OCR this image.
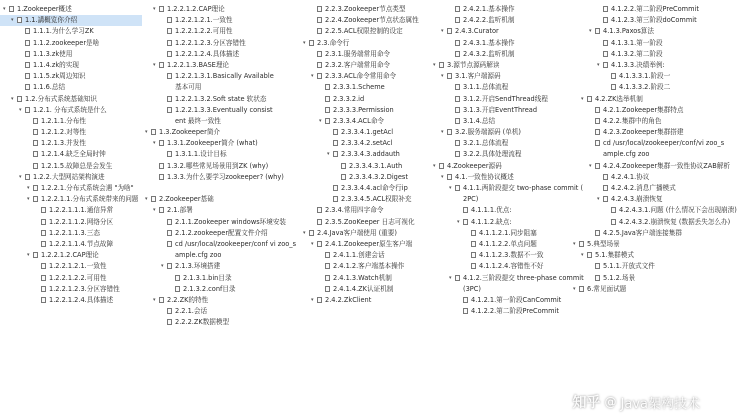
▾ 1.Zookeeper概述
▾ 1.1.講概览你介绍
1.1.1.为什么学习ZK
1.1.2.zookeeper是啥
1.1.3.zk使用
1.1.4.zk的实现
1.1.5.zk周边知识
1.1.6.总结
▾ 1.2.分布式系统基础知识
▾ 1.2.1. 分布式系统是什么
1.2.1.1.分布性
1.2.1.2.对等性
1.2.1.3.并发性
1.2.1.4.缺乏全局时钟
1.2.1.5.故障总是会发生
▾ 1.2.2.大型网站架构演进
▾ 1.2.2.1.分布式系统会遇 "为啥"
▾ 1.2.2.1.1.分布式系统带来的问题
1.2.2.1.1.1.通信异常
1.2.2.1.1.2.网络分区
1.2.2.1.1.3.三态
1.2.2.1.1.4.节点故障
▾ 1.2.2.1.2.CAP理论
1.2.2.1.2.1.一致性
1.2.2.1.2.2.可用性
1.2.2.1.2.3.分区容错性
1.2.2.1.2.4.具体描述
▾ 1.2.2.1.2.CAP理论
1.2.2.1.2.1.一致性
1.2.2.1.2.2.可用性
1.2.2.1.2.3.分区容错性
1.2.2.1.2.4.具体描述
▾ 1.2.2.1.3.BASE理论
1.2.2.1.3.1.Basically Available
基本可用
1.2.2.1.3.2.Soft state 软状态
1.2.2.1.3.3.Eventually consist
ent 最终一致性
▾ 1.3.Zookeeper简介
▾ 1.3.1.Zookeeper简介 (what)
1.3.1.1.设计目标
1.3.2.哪些常见场景用到ZK (why)
1.3.3.为什么要学习zookeeper? (why)
▾ 2.Zookeeper基础
▾ 2.1.部署
2.1.1.Zookeeper windows环境安装
2.1.2.zookeeper配置文件介绍
cd /usr/local/zookeeper/conf vi zoo_s
ample.cfg zoo
▾ 2.1.3.环境搭建
2.1.3.1.bin目录
2.1.3.2.conf目录
▾ 2.2.ZK的特性
2.2.1.会话
2.2.2.ZK数据模型
2.2.3.Zookeeper节点类型
2.2.4.Zookeeper节点状态属性
2.2.5.ACL权限控制的设定
▾ 2.3.命令行
2.3.1.服务端常用命令
2.3.2.客户端常用命令
▾ 2.3.3.ACL命令常用命令
2.3.3.1.Scheme
2.3.3.2.id
2.3.3.3.Permission
▾ 2.3.3.4.ACL命令
2.3.3.4.1.getAcl
2.3.3.4.2.setAcl
▾ 2.3.3.4.3.addauth
2.3.3.4.3.1.Auth
2.3.3.4.3.2.Digest
2.3.3.4.4.acl命令行ip
2.3.3.4.5.ACL权限补充
2.3.4.常用四字命令
2.3.5.ZooKeeper 日志可视化
▾ 2.4.Java客户端使用 (重要)
▾ 2.4.1.Zookeeper原生客户端
2.4.1.1.创建会话
2.4.1.2.客户端基本操作
2.4.1.3.Watch机制
2.4.1.4.ZK认证机制
▾ 2.4.2.ZkClient
2.4.2.1.基本操作
2.4.2.2.监听机制
▾ 2.4.3.Curator
2.4.3.1.基本操作
2.4.3.2.监听机制
▾ 3.源节点源码解读
▾ 3.1.客户端源码
3.1.1.总体流程
3.1.2.开启SendThread线程
3.1.3.开启EventThread
3.1.4.总结
▾ 3.2.服务端源码 (单机)
3.2.1.总体流程
3.2.2.具体处理流程
▾ 4.Zookeeper源码
▾ 4.1.一致性协议概述
▾ 4.1.1.两阶段提交 two-phase commit (
2PC)
4.1.1.1.优点:
▾ 4.1.1.2.缺点:
4.1.1.2.1.同步阻塞
4.1.1.2.2.单点问题
4.1.1.2.3.数据不一致
4.1.1.2.4.容错性不好
▾ 4.1.2.三阶段提交 three-phase commit
(3PC)
4.1.2.1.第一阶段CanCommit
4.1.2.2.第二阶段PreCommit
4.1.2.2.第二阶段PreCommit
4.1.2.3.第三阶段doCommit
▾ 4.1.3.Paxos算法
4.1.3.1.第一阶段
4.1.3.2.第二阶段
▾ 4.1.3.3.决绩举例:
4.1.3.3.1.阶段一
4.1.3.3.2.阶段二
▾ 4.2.ZK选举机制
4.2.1.Zookeeper集群特点
4.2.2.集群中的角色
4.2.3.Zookeeper集群搭建
cd /usr/local/zookeeper/conf/vi zoo_s
ample.cfg zoo
▾ 4.2.4.Zookeeper集群一致性协议ZAB解析
4.2.4.1.协议
4.2.4.2.消息广播模式
▾ 4.2.4.3.崩溃恢复
4.2.4.3.1.问题 (什么情况下会出现崩溃)
4.2.4.3.2.崩溃恢复 (数据丢失怎么办)
4.2.5.Java客户端连接集群
▾ 5.典型场景
▾ 5.1.集群模式
5.1.1.开放式文件
5.1.2.场景
▾ 6.常见面试题
知乎 @ Java架构技术
